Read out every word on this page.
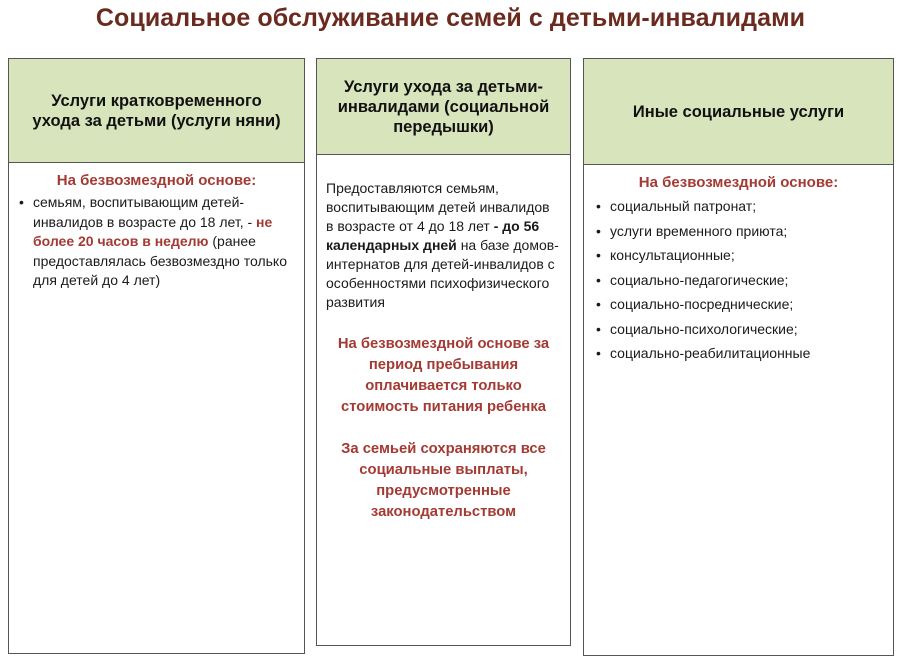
Социальное обслуживание семей с детьми-инвалидами
Услуги кратковременного ухода за детьми (услуги няни)
На безвозмездной основе:
• семьям, воспитывающим детей-инвалидов в возрасте до 18 лет, - не более 20 часов в неделю (ранее предоставлялась безвозмездно только для детей до 4 лет)
Услуги ухода за детьми-инвалидами (социальной передышки)
Предоставляются семьям, воспитывающим детей инвалидов в возрасте от 4 до 18 лет - до 56 календарных дней на базе домов-интернатов для детей-инвалидов с особенностями психофизического развития
На безвозмездной основе за период пребывания оплачивается только стоимость питания ребенка
За семьей сохраняются все социальные выплаты, предусмотренные законодательством
Иные социальные услуги
На безвозмездной основе:
• социальный патронат;
• услуги временного приюта;
• консультационные;
• социально-педагогические;
• социально-посреднические;
• социально-психологические;
• социально-реабилитационные
